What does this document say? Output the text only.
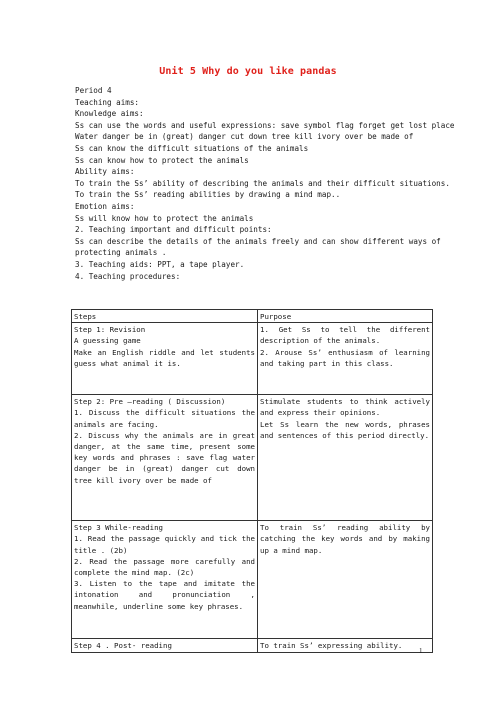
Unit 5 Why do you like pandas
Period 4
Teaching aims:
Knowledge aims:
Ss can use the words and useful expressions: save symbol flag forget get lost place
Water danger be in (great) danger cut down tree kill ivory over be made of
Ss can know the difficult situations of the animals
Ss can know how to protect the animals
Ability aims:
To train the Ss’ ability of describing the animals and their difficult situations.
To train the Ss’ reading abilities by drawing a mind map..
Emotion aims:
Ss will know how to protect the animals
2. Teaching important and difficult points:
Ss can describe the details of the animals freely and can show different ways of
protecting animals .
3. Teaching aids: PPT, a tape player.
4. Teaching procedures:
Steps	Purpose

Step 1: Revision
A guessing game
Make an English riddle and let students guess what animal it is.	1. Get Ss to tell the different description of the animals.
2. Arouse Ss’ enthusiasm of learning and taking part in this class.

Step 2: Pre –reading ( Discussion)
1. Discuss the difficult situations the animals are facing.
2. Discuss why the animals are in great danger, at the same time, present some key words and phrases : save flag water danger be in (great) danger cut down tree kill ivory over be made of	Stimulate students to think actively and express their opinions.
Let Ss learn the new words, phrases and sentences of this period directly.

Step 3 While-reading
1. Read the passage quickly and tick the title . (2b)
2. Read the passage more carefully and complete the mind map. (2c)
3. Listen to the tape and imitate the intonation and pronunciation , meanwhile, underline some key phrases.	To train Ss’ reading ability by catching the key words and by making up a mind map.

Step 4 . Post- reading	To train Ss’ expressing ability.
1
